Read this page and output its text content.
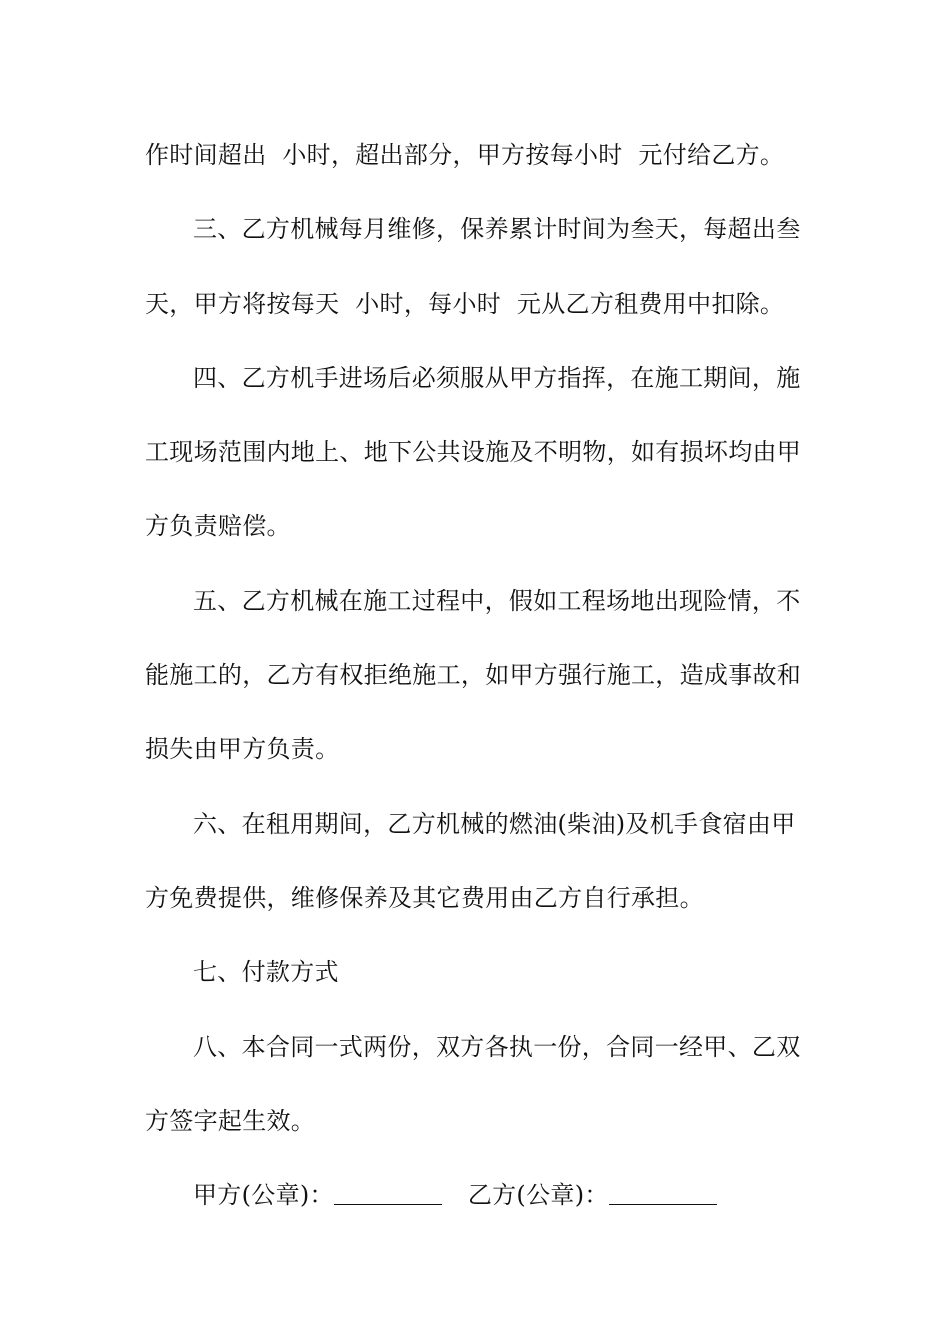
作时间超出  小时，超出部分，甲方按每小时  元付给乙方。
三、乙方机械每月维修，保养累计时间为叁天，每超出叁
天，甲方将按每天  小时，每小时  元从乙方租费用中扣除。
四、乙方机手进场后必须服从甲方指挥，在施工期间，施
工现场范围内地上、地下公共设施及不明物，如有损坏均由甲
方负责赔偿。
五、乙方机械在施工过程中，假如工程场地出现险情，不
能施工的，乙方有权拒绝施工，如甲方强行施工，造成事故和
损失由甲方负责。
六、在租用期间，乙方机械的燃油(柴油)及机手食宿由甲
方免费提供，维修保养及其它费用由乙方自行承担。
七、付款方式
八、本合同一式两份，双方各执一份，合同一经甲、乙双
方签字起生效。
甲方(公章)：	乙方(公章)：
